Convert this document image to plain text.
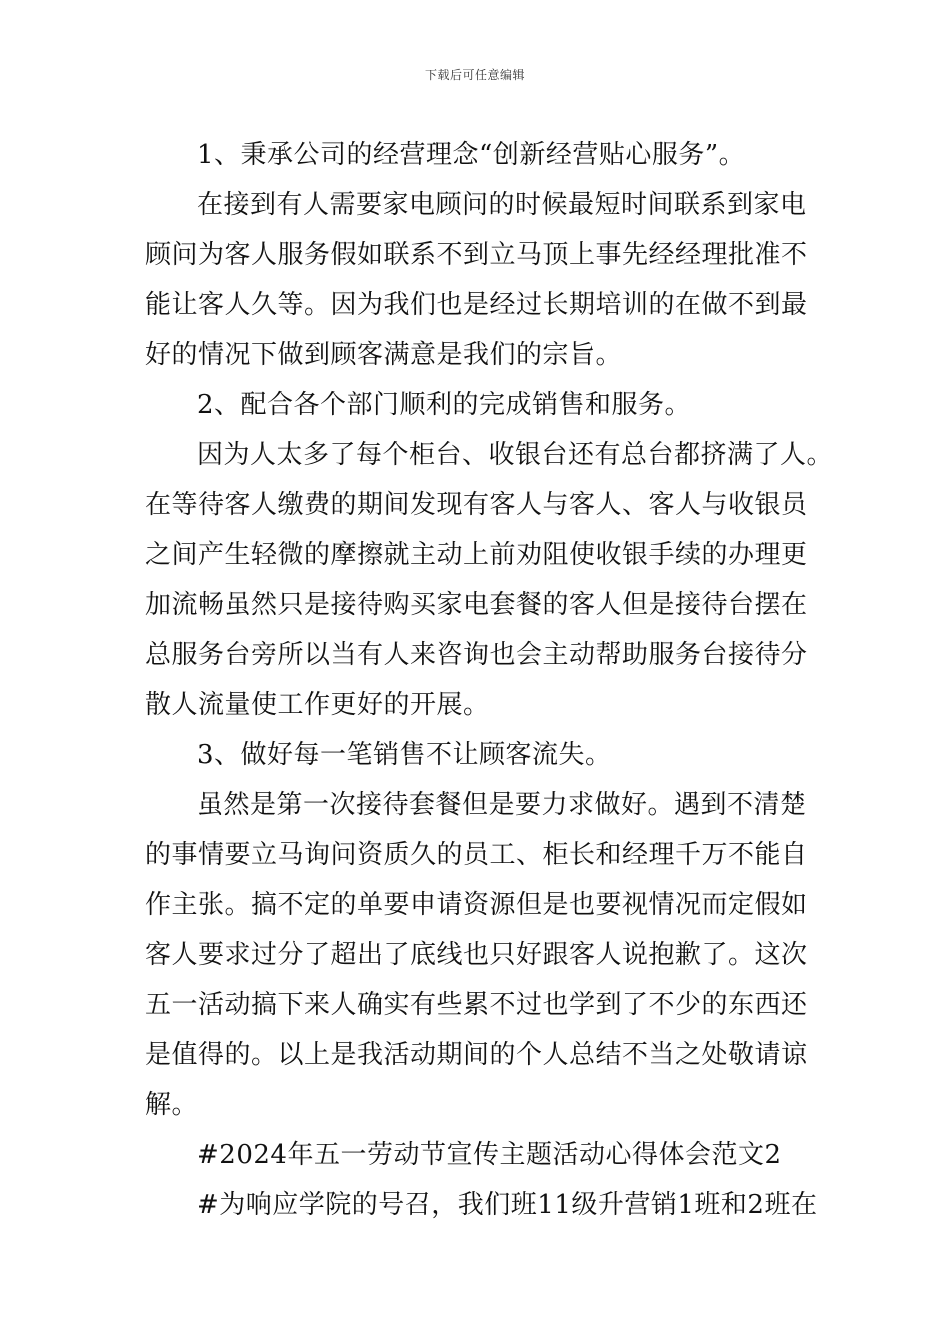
下载后可任意编辑

1、秉承公司的经营理念“创新经营贴心服务”。

在接到有人需要家电顾问的时候最短时间联系到家电
顾问为客人服务假如联系不到立马顶上事先经经理批准不
能让客人久等。因为我们也是经过长期培训的在做不到最
好的情况下做到顾客满意是我们的宗旨。

2、配合各个部门顺利的完成销售和服务。

因为人太多了每个柜台、收银台还有总台都挤满了人。
在等待客人缴费的期间发现有客人与客人、客人与收银员
之间产生轻微的摩擦就主动上前劝阻使收银手续的办理更
加流畅虽然只是接待购买家电套餐的客人但是接待台摆在
总服务台旁所以当有人来咨询也会主动帮助服务台接待分
散人流量使工作更好的开展。

3、做好每一笔销售不让顾客流失。

虽然是第一次接待套餐但是要力求做好。遇到不清楚
的事情要立马询问资质久的员工、柜长和经理千万不能自
作主张。搞不定的单要申请资源但是也要视情况而定假如
客人要求过分了超出了底线也只好跟客人说抱歉了。这次
五一活动搞下来人确实有些累不过也学到了不少的东西还
是值得的。以上是我活动期间的个人总结不当之处敬请谅
解。

#2024年五一劳动节宣传主题活动心得体会范文2

#为响应学院的号召，我们班11级升营销1班和2班在
